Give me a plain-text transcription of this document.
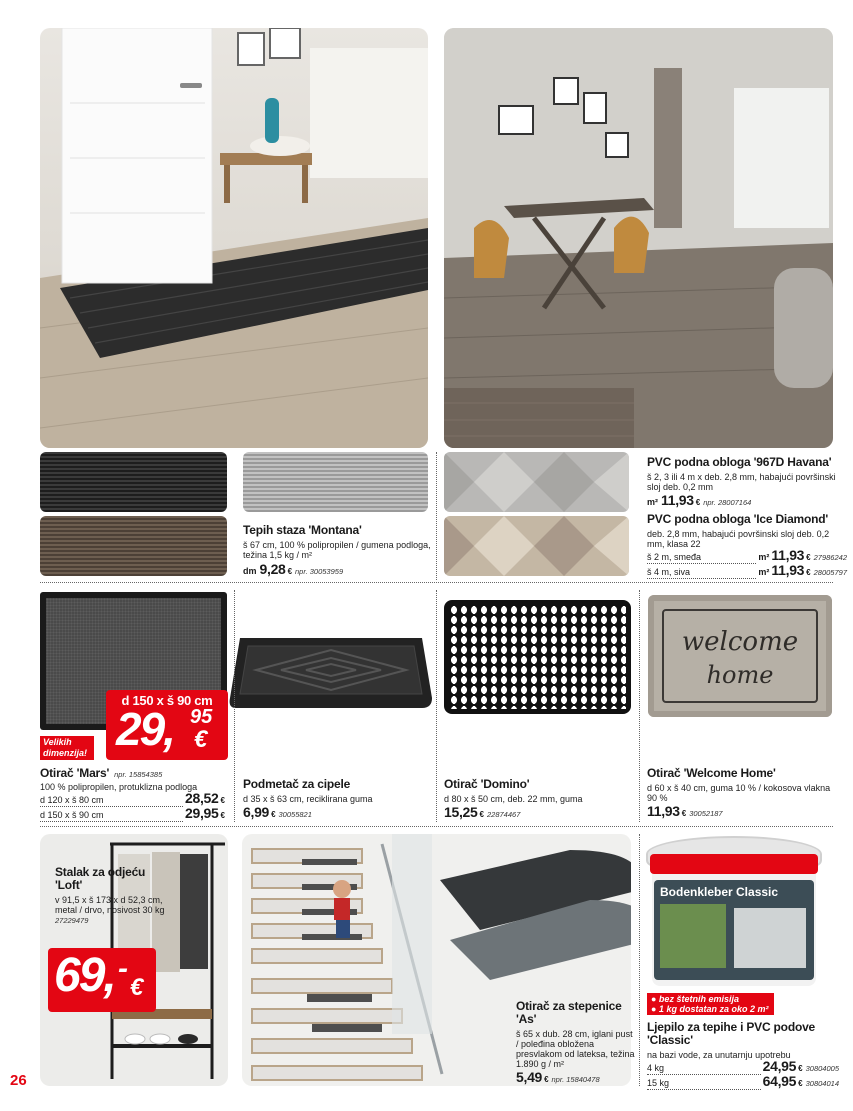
Tepih staza 'Montana'
š 67 cm, 100 % polipropilen / gumena podloga, težina 1,5 kg / m²
dm 9,28 € npr. 30053959
PVC podna obloga '967D Havana'
š 2, 3 ili 4 m x deb. 2,8 mm, habajući površinski sloj deb. 0,2 mm
m² 11,93 € npr. 28007164
PVC podna obloga 'Ice Diamond'
deb. 2,8 mm, habajući površinski sloj deb. 0,2 mm, klasa 22
š 2 m, smeđa	m² 11,93 € 27986242
š 4 m, siva	m² 11,93 € 28005797
d 150 x š 90 cm
29, 95
€
Velikih
dimenzija!
Otirač 'Mars' npr. 15854385
100 % polipropilen, protuklizna podloga
d 120 x š 80 cm	28,52 €
d 150 x š 90 cm	29,95 €
Podmetač za cipele
d 35 x š 63 cm, reciklirana guma
6,99 € 30055821
Otirač 'Domino'
d 80 x š 50 cm, deb. 22 mm, guma
15,25 € 22874467
welcome
home
Otirač 'Welcome Home'
d 60 x š 40 cm, guma 10 % / kokosova vlakna 90 %
11,93 € 30052187
Stalak za odjeću
'Loft'
v 91,5 x š 173 x d 52,3 cm, metal / drvo, nosivost 30 kg
27229479
69, -
€
Otirač za stepenice
'As'
š 65 x dub. 28 cm, iglani pust / poleđina obložena presvlakom od lateksa, težina 1.890 g / m²
5,49 € npr. 15840478
Bodenkleber Classic
● bez štetnih emisija
● 1 kg dostatan za oko 2 m²
Ljepilo za tepihe i PVC podove
'Classic'
na bazi vode, za unutarnju upotrebu
4 kg	24,95 € 30804005
15 kg	64,95 € 30804014
26
